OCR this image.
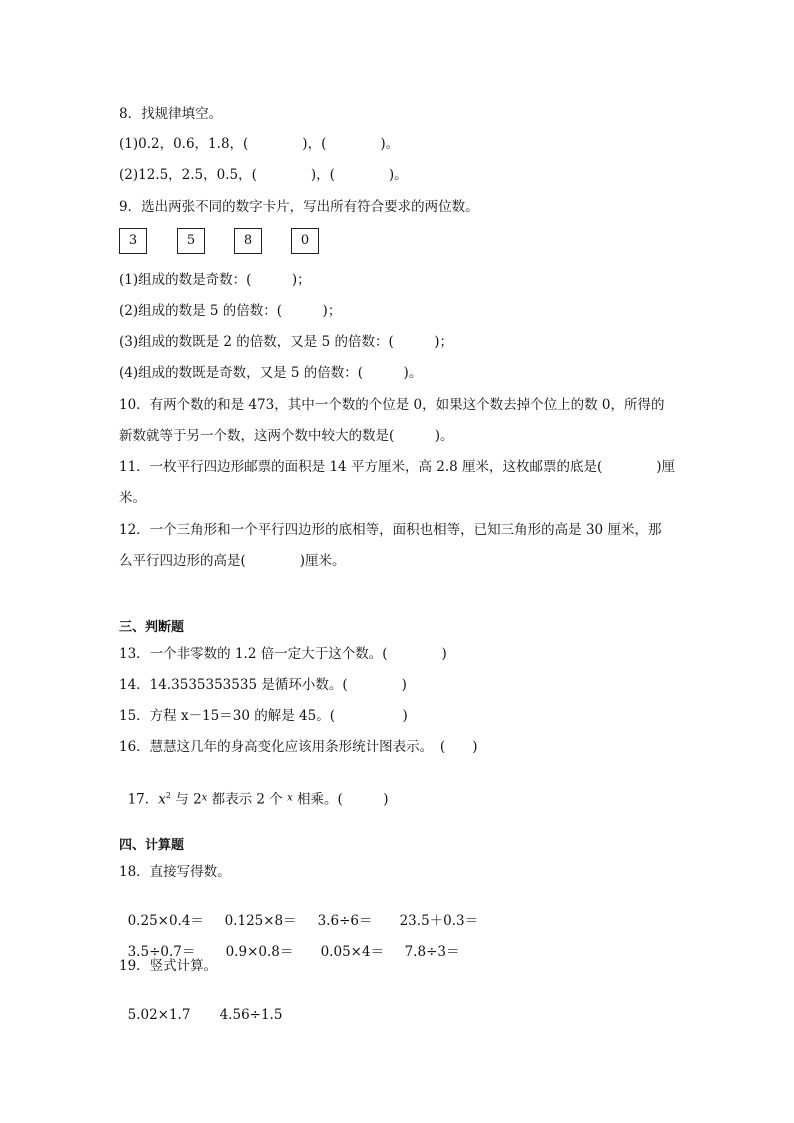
8．找规律填空。
(1)0.2，0.6，1.8，(　　　　)，(　　　　)。
(2)12.5，2.5，0.5，(　　　　)，(　　　　)。
9．选出两张不同的数字卡片，写出所有符合要求的两位数。
3	5	8	0
(1)组成的数是奇数：(　　　)；
(2)组成的数是 5 的倍数：(　　　)；
(3)组成的数既是 2 的倍数，又是 5 的倍数：(　　　)；
(4)组成的数既是奇数，又是 5 的倍数：(　　　)。
10．有两个数的和是 473，其中一个数的个位是 0，如果这个数去掉个位上的数 0，所得的
新数就等于另一个数，这两个数中较大的数是(　　　)。
11．一枚平行四边形邮票的面积是 14 平方厘米，高 2.8 厘米，这枚邮票的底是(　　　　)厘
米。
12．一个三角形和一个平行四边形的底相等，面积也相等，已知三角形的高是 30 厘米，那
么平行四边形的高是(　　　　)厘米。
三、判断题
13．一个非零数的 1.2 倍一定大于这个数。(　　　　)
14．14.3535353535 是循环小数。(　　　　)
15．方程 x－15＝30 的解是 45。(　　　　　)
16．慧慧这几年的身高变化应该用条形统计图表示。　(　　)

17．$x^2$ 与 2$^x$ 都表示 2 个 $^x$ 相乘。(　　　)

四、计算题
18．直接写得数。

0.25×0.4＝ 0.125×8＝ 3.6÷6＝ 23.5＋0.3＝

3.5÷0.7＝ 0.9×0.8＝ 0.05×4＝ 7.8÷3＝

19．竖式计算。

5.02×1.7 4.56÷1.5
